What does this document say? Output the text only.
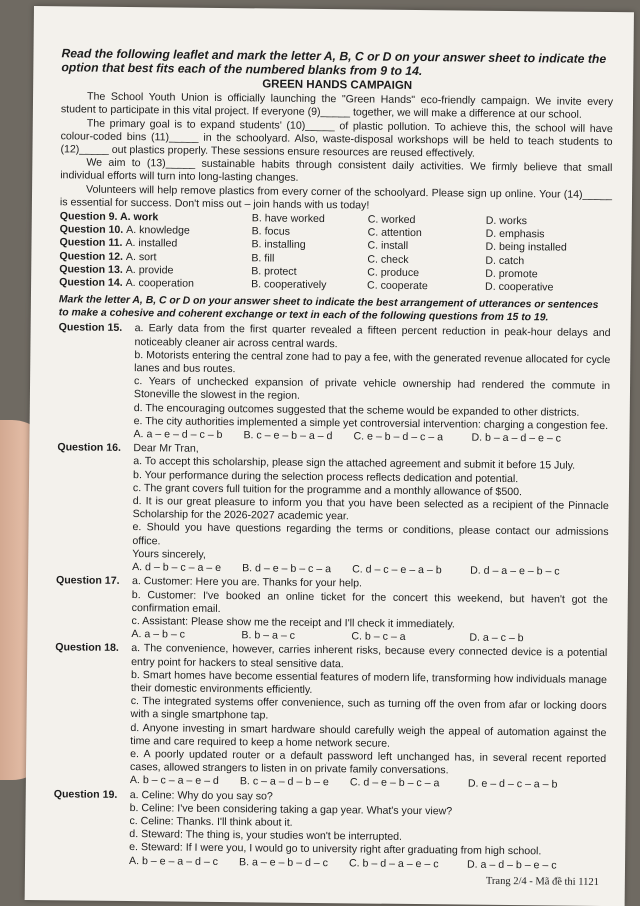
Read the following leaflet and mark the letter A, B, C or D on your answer sheet to indicate the option that best fits each of the numbered blanks from 9 to 14.

GREEN HANDS CAMPAIGN

The School Youth Union is officially launching the "Green Hands" eco-friendly campaign. We invite every student to participate in this vital project. If everyone (9)_____ together, we will make a difference at our school.

The primary goal is to expand students' (10)_____ of plastic pollution. To achieve this, the school will have colour-coded bins (11)_____ in the schoolyard. Also, waste-disposal workshops will be held to teach students to (12)_____ out plastics properly. These sessions ensure resources are reused effectively.

We aim to (13)_____ sustainable habits through consistent daily activities. We firmly believe that small individual efforts will turn into long-lasting changes.

Volunteers will help remove plastics from every corner of the schoolyard. Please sign up online. Your (14)_____ is essential for success. Don't miss out – join hands with us today!

Question 9. A. work	B. have worked	C. worked	D. works
Question 10. A. knowledge	B. focus	C. attention	D. emphasis
Question 11. A. installed	B. installing	C. install	D. being installed
Question 12. A. sort	B. fill	C. check	D. catch
Question 13. A. provide	B. protect	C. produce	D. promote
Question 14. A. cooperation	B. cooperatively	C. cooperate	D. cooperative

Mark the letter A, B, C or D on your answer sheet to indicate the best arrangement of utterances or sentences to make a cohesive and coherent exchange or text in each of the following questions from 15 to 19.

Question 15.	a. Early data from the first quarter revealed a fifteen percent reduction in peak-hour delays and noticeably cleaner air across central wards.
b. Motorists entering the central zone had to pay a fee, with the generated revenue allocated for cycle lanes and bus routes.
c. Years of unchecked expansion of private vehicle ownership had rendered the commute in Stoneville the slowest in the region.
d. The encouraging outcomes suggested that the scheme would be expanded to other districts.
e. The city authorities implemented a simple yet controversial intervention: charging a congestion fee.
A. a – e – d – c – b	B. c – e – b – a – d	C. e – b – d – c – a	D. b – a – d – e – c
Question 16.	Dear Mr Tran,
a. To accept this scholarship, please sign the attached agreement and submit it before 15 July.
b. Your performance during the selection process reflects dedication and potential.
c. The grant covers full tuition for the programme and a monthly allowance of $500.
d. It is our great pleasure to inform you that you have been selected as a recipient of the Pinnacle Scholarship for the 2026-2027 academic year.
e. Should you have questions regarding the terms or conditions, please contact our admissions office.
Yours sincerely,
A. d – b – c – a – e	B. d – e – b – c – a	C. d – c – e – a – b	D. d – a – e – b – c
Question 17.	a. Customer: Here you are. Thanks for your help.
b. Customer: I've booked an online ticket for the concert this weekend, but haven't got the confirmation email.
c. Assistant: Please show me the receipt and I'll check it immediately.
A. a – b – c	B. b – a – c	C. b – c – a	D. a – c – b
Question 18.	a. The convenience, however, carries inherent risks, because every connected device is a potential entry point for hackers to steal sensitive data.
b. Smart homes have become essential features of modern life, transforming how individuals manage their domestic environments efficiently.
c. The integrated systems offer convenience, such as turning off the oven from afar or locking doors with a single smartphone tap.
d. Anyone investing in smart hardware should carefully weigh the appeal of automation against the time and care required to keep a home network secure.
e. A poorly updated router or a default password left unchanged has, in several recent reported cases, allowed strangers to listen in on private family conversations.
A. b – c – a – e – d	B. c – a – d – b – e	C. d – e – b – c – a	D. e – d – c – a – b
Question 19.	a. Celine: Why do you say so?
b. Celine: I've been considering taking a gap year. What's your view?
c. Celine: Thanks. I'll think about it.
d. Steward: The thing is, your studies won't be interrupted.
e. Steward: If I were you, I would go to university right after graduating from high school.
A. b – e – a – d – c	B. a – e – b – d – c	C. b – d – a – e – c	D. a – d – b – e – c
Trang 2/4 - Mã đề thi 1121
